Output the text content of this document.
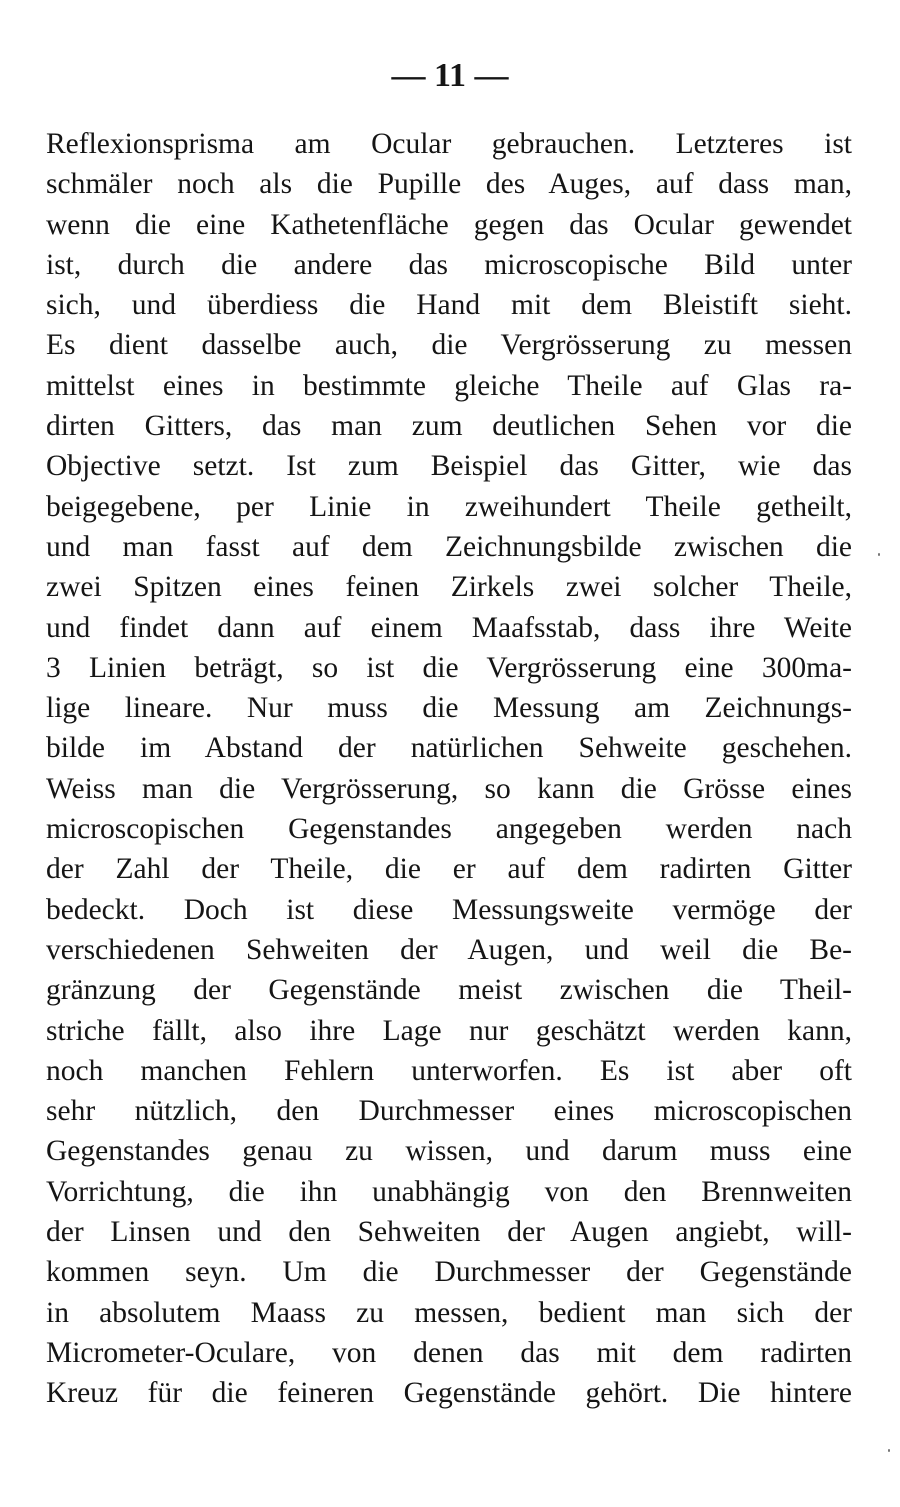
— 11 —
Reflexionsprisma am Ocular gebrauchen. Letzteres ist
schmäler noch als die Pupille des Auges, auf dass man,
wenn die eine Kathetenfläche gegen das Ocular gewendet
ist, durch die andere das microscopische Bild unter
sich, und überdiess die Hand mit dem Bleistift sieht.
Es dient dasselbe auch, die Vergrösserung zu messen
mittelst eines in bestimmte gleiche Theile auf Glas ra-
dirten Gitters, das man zum deutlichen Sehen vor die
Objective setzt. Ist zum Beispiel das Gitter, wie das
beigegebene, per Linie in zweihundert Theile getheilt,
und man fasst auf dem Zeichnungsbilde zwischen die
zwei Spitzen eines feinen Zirkels zwei solcher Theile,
und findet dann auf einem Maafsstab, dass ihre Weite
3 Linien beträgt, so ist die Vergrösserung eine 300ma-
lige lineare. Nur muss die Messung am Zeichnungs-
bilde im Abstand der natürlichen Sehweite geschehen.
Weiss man die Vergrösserung, so kann die Grösse eines
microscopischen Gegenstandes angegeben werden nach
der Zahl der Theile, die er auf dem radirten Gitter
bedeckt. Doch ist diese Messungsweite vermöge der
verschiedenen Sehweiten der Augen, und weil die Be-
gränzung der Gegenstände meist zwischen die Theil-
striche fällt, also ihre Lage nur geschätzt werden kann,
noch manchen Fehlern unterworfen. Es ist aber oft
sehr nützlich, den Durchmesser eines microscopischen
Gegenstandes genau zu wissen, und darum muss eine
Vorrichtung, die ihn unabhängig von den Brennweiten
der Linsen und den Sehweiten der Augen angiebt, will-
kommen seyn. Um die Durchmesser der Gegenstände
in absolutem Maass zu messen, bedient man sich der
Micrometer-Oculare, von denen das mit dem radirten
Kreuz für die feineren Gegenstände gehört. Die hintere
